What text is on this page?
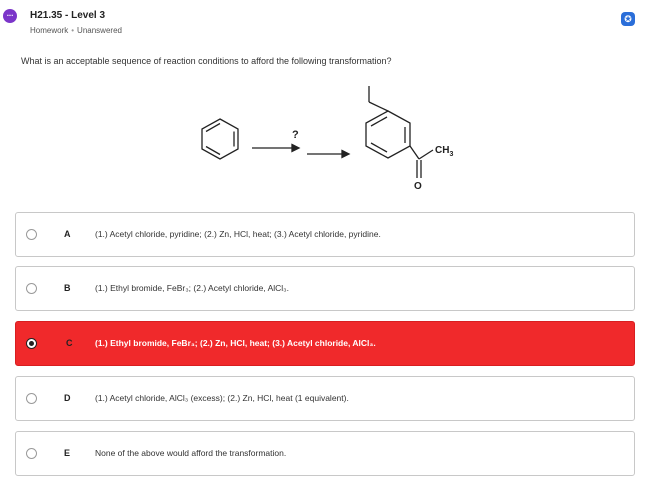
···	H21.35 - Level 3
Homework • Unanswered
✪
What is an acceptable sequence of reaction conditions to afford the following transformation?
?
$CH_3$
O
A	(1.) Acetyl chloride, pyridine; (2.) Zn, HCl, heat; (3.) Acetyl chloride, pyridine.
B	(1.) Ethyl bromide, FeBr₃; (2.) Acetyl chloride, AlCl₃.
C	(1.) Ethyl bromide, FeBr₃; (2.) Zn, HCl, heat; (3.) Acetyl chloride, AlCl₃.
D	(1.) Acetyl chloride, AlCl₃ (excess); (2.) Zn, HCl, heat (1 equivalent).
E	None of the above would afford the transformation.
